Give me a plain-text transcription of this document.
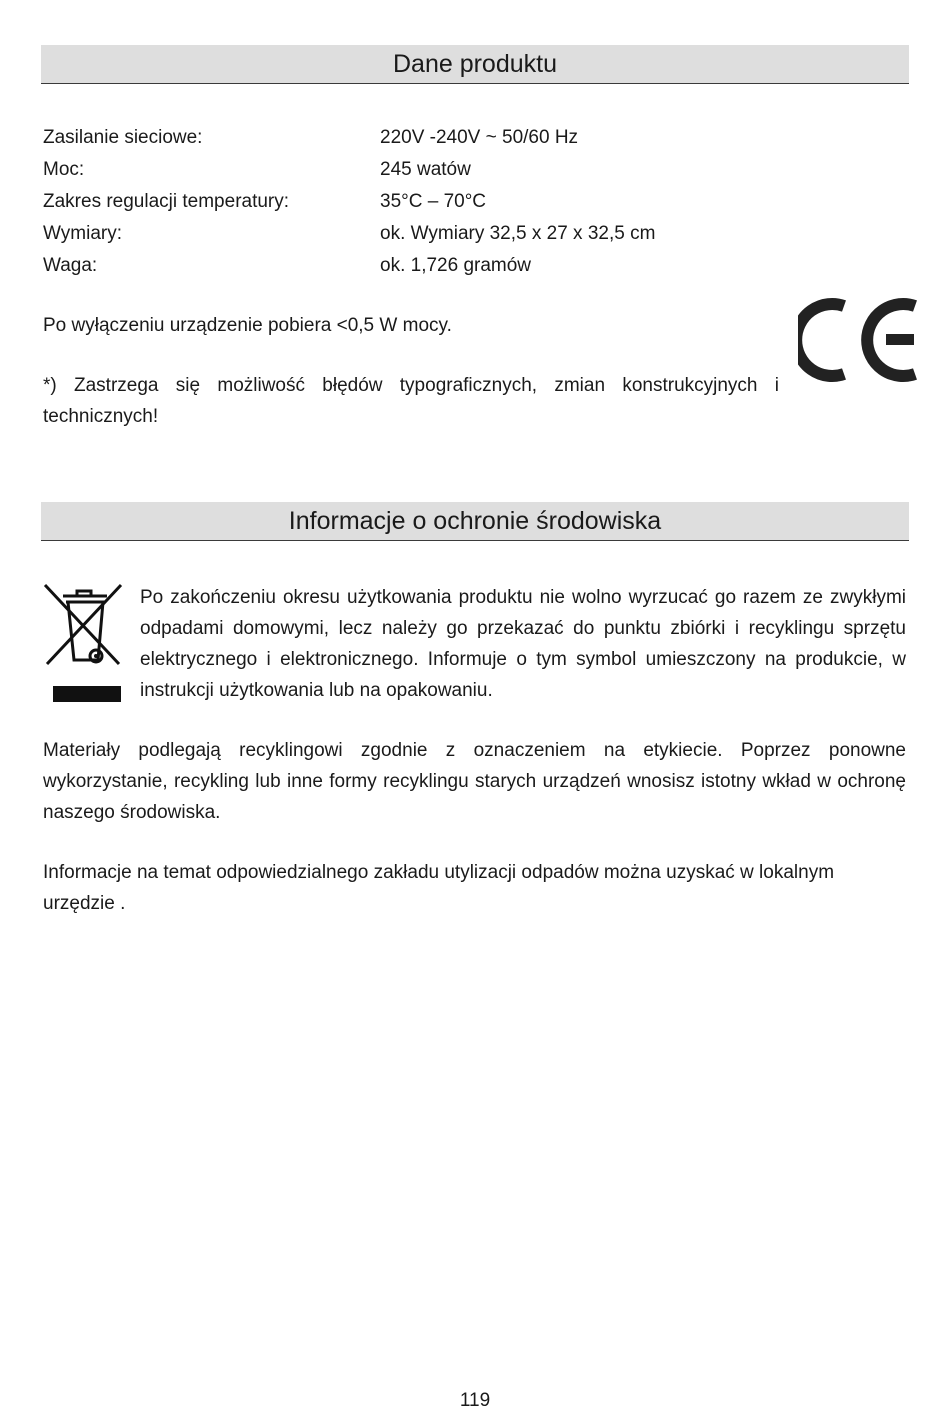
Dane produktu
Zasilanie sieciowe:	220V -240V ~ 50/60 Hz
Moc:	245 watów
Zakres regulacji temperatury:	35°C – 70°C
Wymiary:	ok. Wymiary 32,5 x 27 x 32,5 cm
Waga:	ok. 1,726 gramów
Po wyłączeniu urządzenie pobiera <0,5 W mocy.
*) Zastrzega się możliwość błędów typograficznych, zmian konstrukcyjnych i technicznych!
Informacje o ochronie środowiska
Po zakończeniu okresu użytkowania produktu nie wolno wyrzucać go razem ze zwykłymi odpadami domowymi, lecz należy go przekazać do punktu zbiórki i recyklingu sprzętu elektrycznego i elektronicznego. Informuje o tym symbol umieszczony na produkcie, w instrukcji użytkowania lub na opakowaniu.
Materiały podlegają recyklingowi zgodnie z oznaczeniem na etykiecie. Poprzez ponowne wykorzystanie, recykling lub inne formy recyklingu starych urządzeń wnosisz istotny wkład w ochronę naszego środowiska.
Informacje na temat odpowiedzialnego zakładu utylizacji odpadów można uzyskać w lokalnym urzędzie .
119
